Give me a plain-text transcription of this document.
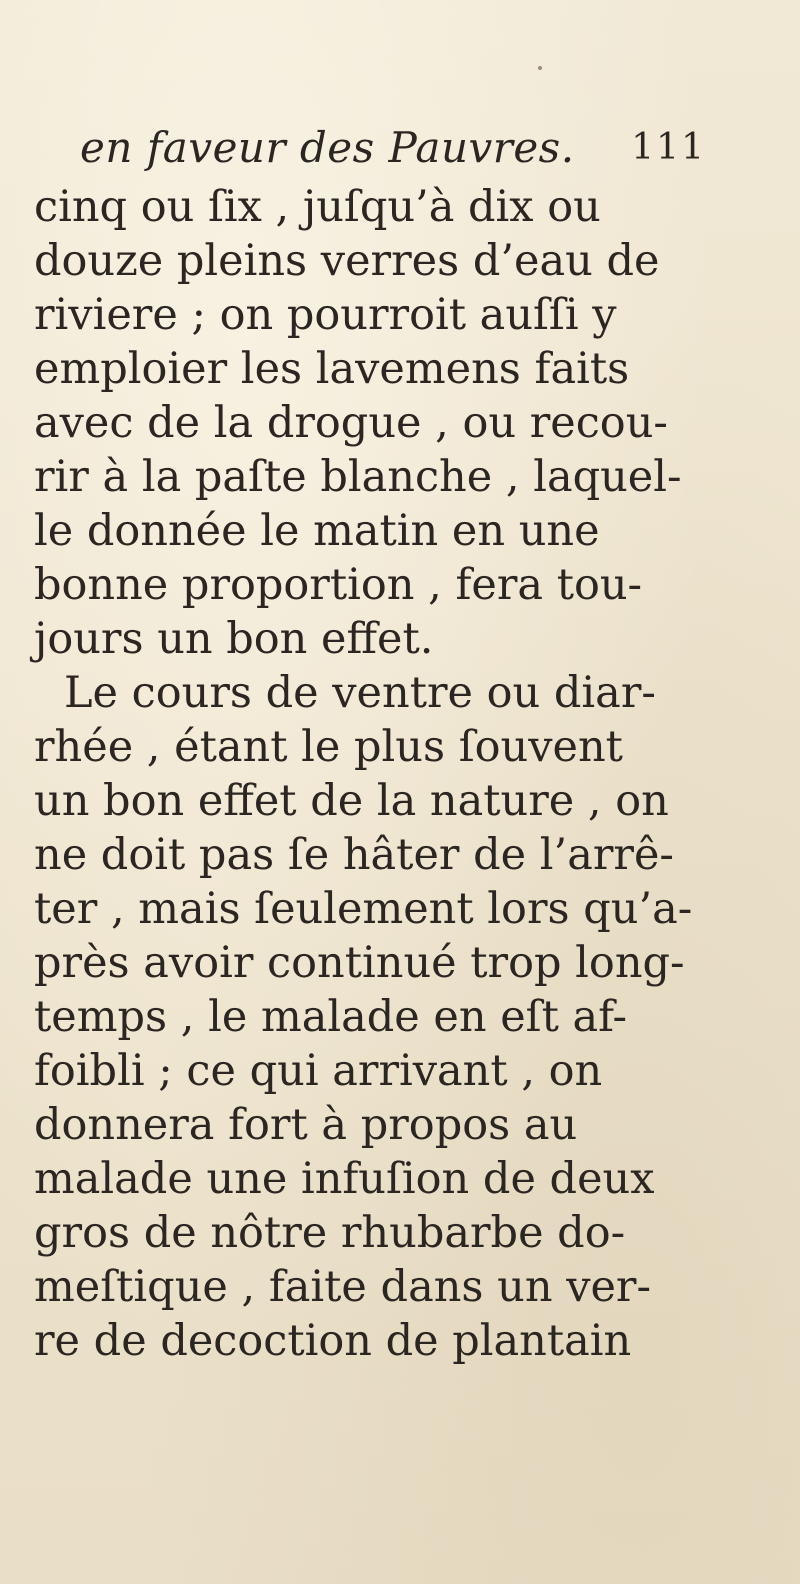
en faveur des Pauvres. 111
cinq ou ſix , juſqu’à dix ou
douze pleins verres d’eau de
riviere ; on pourroit auſſi y
emploier les lavemens faits
avec de la drogue , ou recou-
rir à la paſte blanche , laquel-
le donnée le matin en une
bonne proportion , fera tou-
jours un bon effet.
Le cours de ventre ou diar-
rhée , étant le plus ſouvent
un bon effet de la nature , on
ne doit pas ſe hâter de l’arrê-
ter , mais ſeulement lors qu’a-
près avoir continué trop long-
temps , le malade en eſt af-
foibli ; ce qui arrivant , on
donnera fort à propos au
malade une infuſion de deux
gros de nôtre rhubarbe do-
meſtique , faite dans un ver-
re de decoction de plantain
